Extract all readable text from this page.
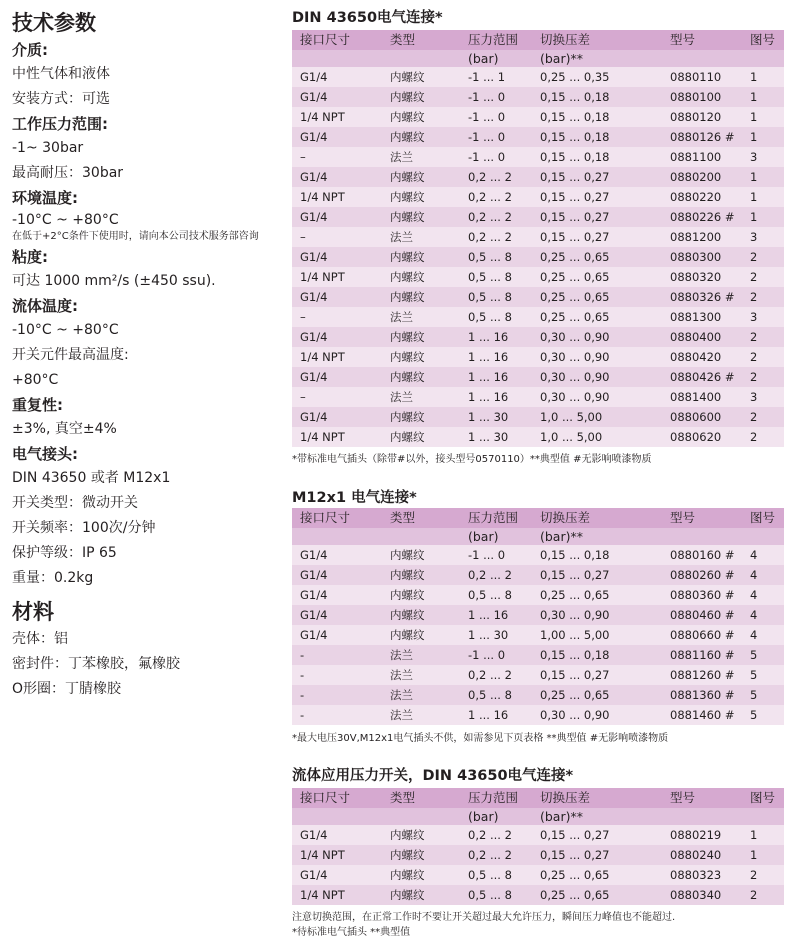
技术参数

介质:

中性气体和液体

安装方式：可选

工作压力范围:

-1~ 30bar

最高耐压：30bar

环境温度:

-10°C ~ +80°C

在低于+2°C条件下使用时，请向本公司技术服务部咨询

粘度:

可达 1000 mm²/s (±450 ssu).

流体温度:

-10°C ~ +80°C

开关元件最高温度:

+80°C

重复性:

±3%, 真空±4%

电气接头:

DIN 43650 或者 M12x1

开关类型：微动开关

开关频率：100次/分钟

保护等级：IP 65

重量：0.2kg

材料

壳体：铝

密封件：丁苯橡胶，氟橡胶

O形圈：丁腈橡胶

DIN 43650电气连接*
接口尺寸	类型	压力范围	切换压差	型号	图号
		(bar)	(bar)**		
G1/4	内螺纹	-1 ... 1	0,25 ... 0,35	0880110	1
G1/4	内螺纹	-1 ... 0	0,15 ... 0,18	0880100	1
1/4 NPT	内螺纹	-1 ... 0	0,15 ... 0,18	0880120	1
G1/4	内螺纹	-1 ... 0	0,15 ... 0,18	0880126 #	1
–	法兰	-1 ... 0	0,15 ... 0,18	0881100	3
G1/4	内螺纹	0,2 ... 2	0,15 ... 0,27	0880200	1
1/4 NPT	内螺纹	0,2 ... 2	0,15 ... 0,27	0880220	1
G1/4	内螺纹	0,2 ... 2	0,15 ... 0,27	0880226 #	1
–	法兰	0,2 ... 2	0,15 ... 0,27	0881200	3
G1/4	内螺纹	0,5 ... 8	0,25 ... 0,65	0880300	2
1/4 NPT	内螺纹	0,5 ... 8	0,25 ... 0,65	0880320	2
G1/4	内螺纹	0,5 ... 8	0,25 ... 0,65	0880326 #	2
–	法兰	0,5 ... 8	0,25 ... 0,65	0881300	3
G1/4	内螺纹	1 ... 16	0,30 ... 0,90	0880400	2
1/4 NPT	内螺纹	1 ... 16	0,30 ... 0,90	0880420	2
G1/4	内螺纹	1 ... 16	0,30 ... 0,90	0880426 #	2
–	法兰	1 ... 16	0,30 ... 0,90	0881400	3
G1/4	内螺纹	1 ... 30	1,0 ... 5,00	0880600	2
1/4 NPT	内螺纹	1 ... 30	1,0 ... 5,00	0880620	2
*带标准电气插头（除带#以外，接头型号0570110）**典型值 #无影响喷漆物质
M12x1 电气连接*
接口尺寸	类型	压力范围	切换压差	型号	图号
		(bar)	(bar)**		
G1/4	内螺纹	-1 ... 0	0,15 ... 0,18	0880160 #	4
G1/4	内螺纹	0,2 ... 2	0,15 ... 0,27	0880260 #	4
G1/4	内螺纹	0,5 ... 8	0,25 ... 0,65	0880360 #	4
G1/4	内螺纹	1 ... 16	0,30 ... 0,90	0880460 #	4
G1/4	内螺纹	1 ... 30	1,00 ... 5,00	0880660 #	4
-	法兰	-1 ... 0	0,15 ... 0,18	0881160 #	5
-	法兰	0,2 ... 2	0,15 ... 0,27	0881260 #	5
-	法兰	0,5 ... 8	0,25 ... 0,65	0881360 #	5
-	法兰	1 ... 16	0,30 ... 0,90	0881460 #	5
*最大电压30V,M12x1电气插头不供，如需参见下页表格 **典型值 #无影响喷漆物质
流体应用压力开关，DIN 43650电气连接*
接口尺寸	类型	压力范围	切换压差	型号	图号
		(bar)	(bar)**		
G1/4	内螺纹	0,2 ... 2	0,15 ... 0,27	0880219	1
1/4 NPT	内螺纹	0,2 ... 2	0,15 ... 0,27	0880240	1
G1/4	内螺纹	0,5 ... 8	0,25 ... 0,65	0880323	2
1/4 NPT	内螺纹	0,5 ... 8	0,25 ... 0,65	0880340	2
注意切换范围，在正常工作时不要让开关超过最大允许压力，瞬间压力峰值也不能超过.
*待标准电气插头 **典型值
